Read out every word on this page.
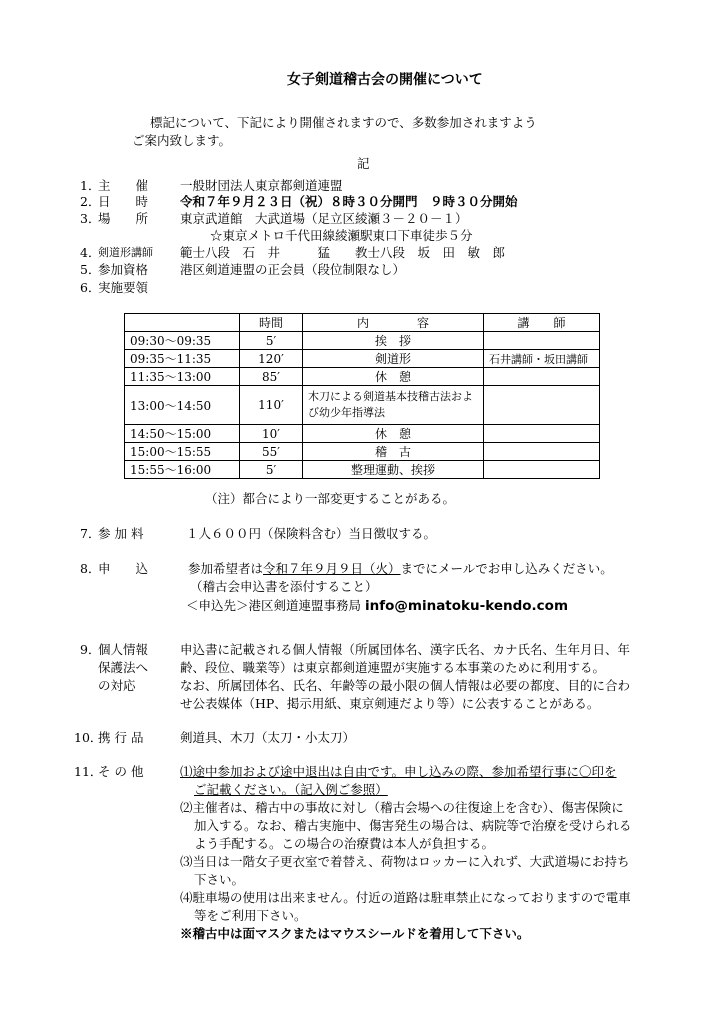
女子剣道稽古会の開催について
標記について、下記により開催されますので、多数参加されますよう
ご案内致します。
記
1．
主　　催	一般財団法人東京都剣道連盟
2．
日　　時	令和７年９月２３日（祝）８時３０分開門　９時３０分開始
3．
場　　所	東京武道館　大武道場（足立区綾瀬３－２０－１）
☆東京メトロ千代田線綾瀬駅東口下車徒歩５分
4．
剣道形講師 範士八段　石　井　　　猛　　教士八段　坂　田　敏　郎
5．
参加資格	港区剣道連盟の正会員（段位制限なし）
6．
実施要領
	時間	内　　　　容	講　　師
09:30～09:35	5′	挨　拶	
09:35～11:35	120′	剣道形	石井講師・坂田講師
11:35～13:00	85′	休　憩	
13:00～14:50	110′	木刀による剣道基本技稽古法および幼少年指導法	
14:50～15:00	10′	休　憩	
15:00～15:55	55′	稽　古	
15:55～16:00	5′	整理運動、挨拶	
（注）都合により一部変更することがある。
7．
参 加 料	１人６００円（保険料含む）当日徴収する。
8．
申　　込	参加希望者は令和７年９月９日（火）までにメールでお申し込みください。
（稽古会申込書を添付すること）
＜申込先＞港区剣道連盟事務局 info@minatoku-kendo.com
9．
個人情報
保護法へ
の対応
申込書に記載される個人情報（所属団体名、漢字氏名、カナ氏名、生年月日、年
齢、段位、職業等）は東京都剣道連盟が実施する本事業のために利用する。
なお、所属団体名、氏名、年齢等の最小限の個人情報は必要の都度、目的に合わ
せ公表媒体（HP、掲示用紙、東京剣連だより等）に公表することがある。
10．
携 行 品	剣道具、木刀（太刀・小太刀）
11．
そ の 他	⑴途中参加および途中退出は自由です。申し込みの際、参加希望行事に〇印を
ご記載ください。（記入例ご参照）
⑵主催者は、稽古中の事故に対し（稽古会場への往復途上を含む）、傷害保険に
加入する。なお、稽古実施中、傷害発生の場合は、病院等で治療を受けられる
よう手配する。この場合の治療費は本人が負担する。
⑶当日は一階女子更衣室で着替え、荷物はロッカーに入れず、大武道場にお持ち
下さい。
⑷駐車場の使用は出来ません。付近の道路は駐車禁止になっておりますので電車
等をご利用下さい。
※稽古中は面マスクまたはマウスシールドを着用して下さい。
